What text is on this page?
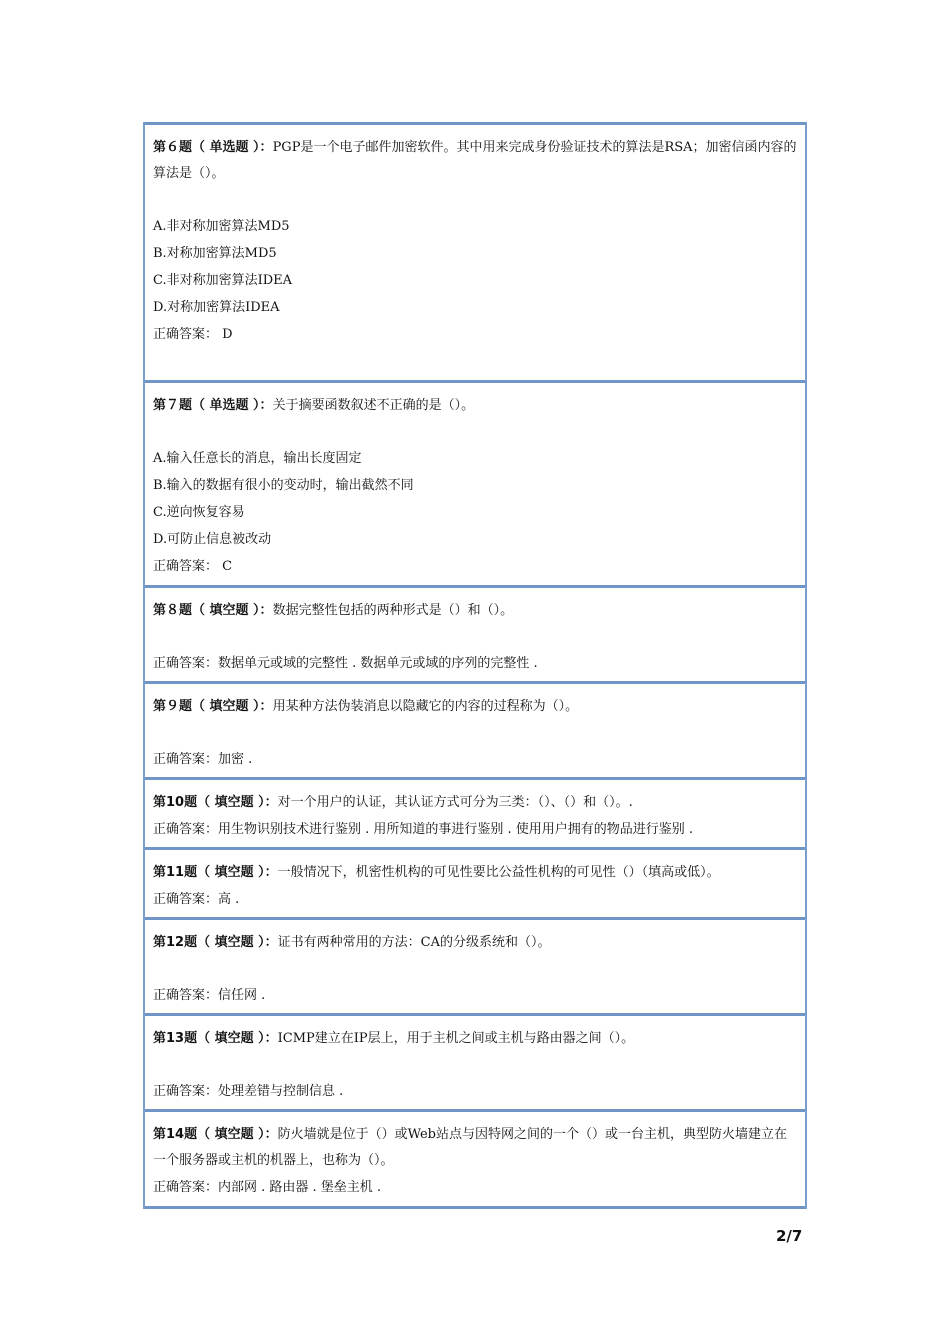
第６题（ 单选题 ）：PGP是一个电子邮件加密软件。其中用来完成身份验证技术的算法是RSA；加密信函内容的算法是（）。

A.非对称加密算法MD5

B.对称加密算法MD5

C.非对称加密算法IDEA

D.对称加密算法IDEA

正确答案： D

第７题（ 单选题 ）：关于摘要函数叙述不正确的是（）。

A.输入任意长的消息，输出长度固定

B.输入的数据有很小的变动时，输出截然不同

C.逆向恢复容易

D.可防止信息被改动

正确答案： C

第８题（ 填空题 ）：数据完整性包括的两种形式是（）和（）。

正确答案：数据单元或域的完整性 . 数据单元或域的序列的完整性 .

第９题（ 填空题 ）：用某种方法伪装消息以隐藏它的内容的过程称为（）。

正确答案：加密 .

第10题（ 填空题 ）：对一个用户的认证，其认证方式可分为三类：（）、（）和（）。.

正确答案：用生物识别技术进行鉴别 . 用所知道的事进行鉴别 . 使用用户拥有的物品进行鉴别 .

第11题（ 填空题 ）：一般情况下，机密性机构的可见性要比公益性机构的可见性（）（填高或低）。

正确答案：高 .

第12题（ 填空题 ）：证书有两种常用的方法：CA的分级系统和（）。

正确答案：信任网 .

第13题（ 填空题 ）：ICMP建立在IP层上，用于主机之间或主机与路由器之间（）。

正确答案：处理差错与控制信息 .

第14题（ 填空题 ）：防火墙就是位于（）或Web站点与因特网之间的一个（）或一台主机，典型防火墙建立在一个服务器或主机的机器上，也称为（）。

正确答案：内部网 . 路由器 . 堡垒主机 .

2/7
